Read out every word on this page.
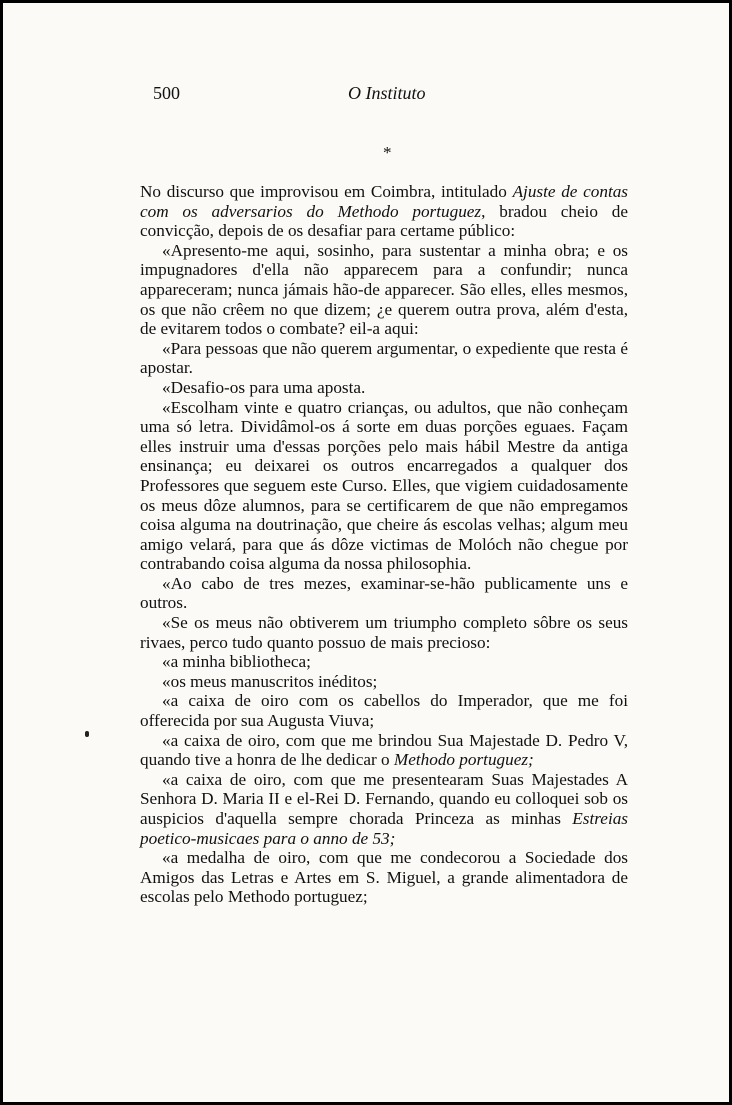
500	O Instituto
*

No discurso que improvisou em Coimbra, intitulado Ajuste de contas com os adversarios do Methodo portuguez, bradou cheio de convicção, depois de os desafiar para certame público:

«Apresento-me aqui, sosinho, para sustentar a minha obra; e os impugnadores d'ella não apparecem para a confundir; nunca appareceram; nunca jámais hão-de apparecer. São elles, elles mesmos, os que não crêem no que dizem; ¿e querem outra prova, além d'esta, de evitarem todos o combate? eil-a aqui:

«Para pessoas que não querem argumentar, o expediente que resta é apostar.

«Desafio-os para uma aposta.

«Escolham vinte e quatro crianças, ou adultos, que não conheçam uma só letra. Dividâmol-os á sorte em duas porções eguaes. Façam elles instruir uma d'essas porções pelo mais hábil Mestre da antiga ensinança; eu deixarei os outros encarregados a qualquer dos Professores que seguem este Curso. Elles, que vigiem cuidadosamente os meus dôze alumnos, para se certificarem de que não empregamos coisa alguma na doutrinação, que cheire ás escolas velhas; algum meu amigo velará, para que ás dôze victimas de Molóch não chegue por contrabando coisa alguma da nossa philosophia.

«Ao cabo de tres mezes, examinar-se-hão publicamente uns e outros.

«Se os meus não obtiverem um triumpho completo sôbre os seus rivaes, perco tudo quanto possuo de mais precioso:

«a minha bibliotheca;

«os meus manuscritos inéditos;

«a caixa de oiro com os cabellos do Imperador, que me foi offerecida por sua Augusta Viuva;

«a caixa de oiro, com que me brindou Sua Majestade D. Pedro V, quando tive a honra de lhe dedicar o Methodo portuguez;

«a caixa de oiro, com que me presentearam Suas Majestades A Senhora D. Maria II e el-Rei D. Fernando, quando eu colloquei sob os auspicios d'aquella sempre chorada Princeza as minhas Estreias poetico-musicaes para o anno de 53;

«a medalha de oiro, com que me condecorou a Sociedade dos Amigos das Letras e Artes em S. Miguel, a grande alimentadora de escolas pelo Methodo portuguez;
